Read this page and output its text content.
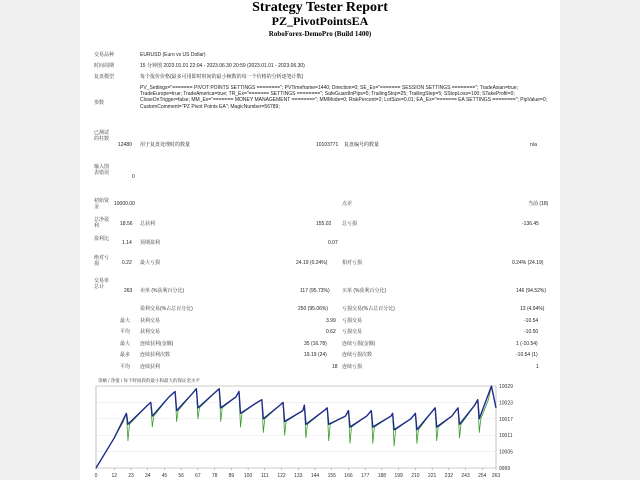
Strategy Tester Report
PZ_PivotPointsEA
RoboForex-DemoPro (Build 1400)
交易品种	EURUSD (Euro vs US Dollar)
时间周期	15 分钟图 2023.01.01 22:04 - 2023.06.30 20:59 (2023.01.01 - 2023.06.30)
复盘模型	每个报价价格(最多可用即时时间的最小帧数的每一个价格的分析逐笔计数)
参数
PV_Settings="======= PIVOT POINTS SETTINGS ========"; PVTimeframe=1440; Direction=0; SE_Ex="======= SESSION SETTINGS ========"; TradeAsian=true; TradeEurope=true; TradeAmerica=true; TR_Ex="======= SETTINGS ========"; SafeGuardInPips=5; TrailingStop=25; TrailingStep=5; SStopLoss=100; STakeProfit=0; CloseOnTrigger=false; MM_Ex="======= MONEY MANAGEMENT ========"; MMMode=0; RiskPercent=2; LotSize=0.01; EA_Ex="======= EA SETTINGS ========"; PipValue=0; CustomComment="PZ Pivot Points EA"; MagicNumber=56789;
已测试的柱数
12480 用于复盘处理时的数量	10103771 复盘编号的数量	n/a
输入图表错误
0
初始资金	10000.00	点差	当前 (18)
总净盈利	18.56 总获利	155.02 总亏损	-136.45
盈利比
1.14 预期盈利	0.07
绝对亏损	0.22 最大亏损	24.19 (0.24%)	相对亏损	0.24% (24.19)
交易单总计
263 卖单 (%获利百分比)	117 (95.73%) 买单 (%获利百分比)	146 (94.52%)
盈利交易(%占总百分比)	250 (95.06%)	亏损交易(%占总百分比)	13 (4.94%)
最大 获利交易	3.99 亏损交易	-10.54
平均 获利交易	0.62 亏损交易	-10.50
最大 连续获利(金额)	35 (16.78)	连续亏损(金额)	1 (-10.54)
最多 连续获利次数	19.19 (24)	连续亏损次数	-10.54 (1)
平均 连续获利	18 连续亏损	1
余额 / 净值 / 每个时间段的最小和最大的保证金水平
10029
10023
10017
10011
10005
9999
0	12 23 34 45 56 67 78 89 100 111 122 133 144 155 166 177 188 199 210 221 232 243 254 263
